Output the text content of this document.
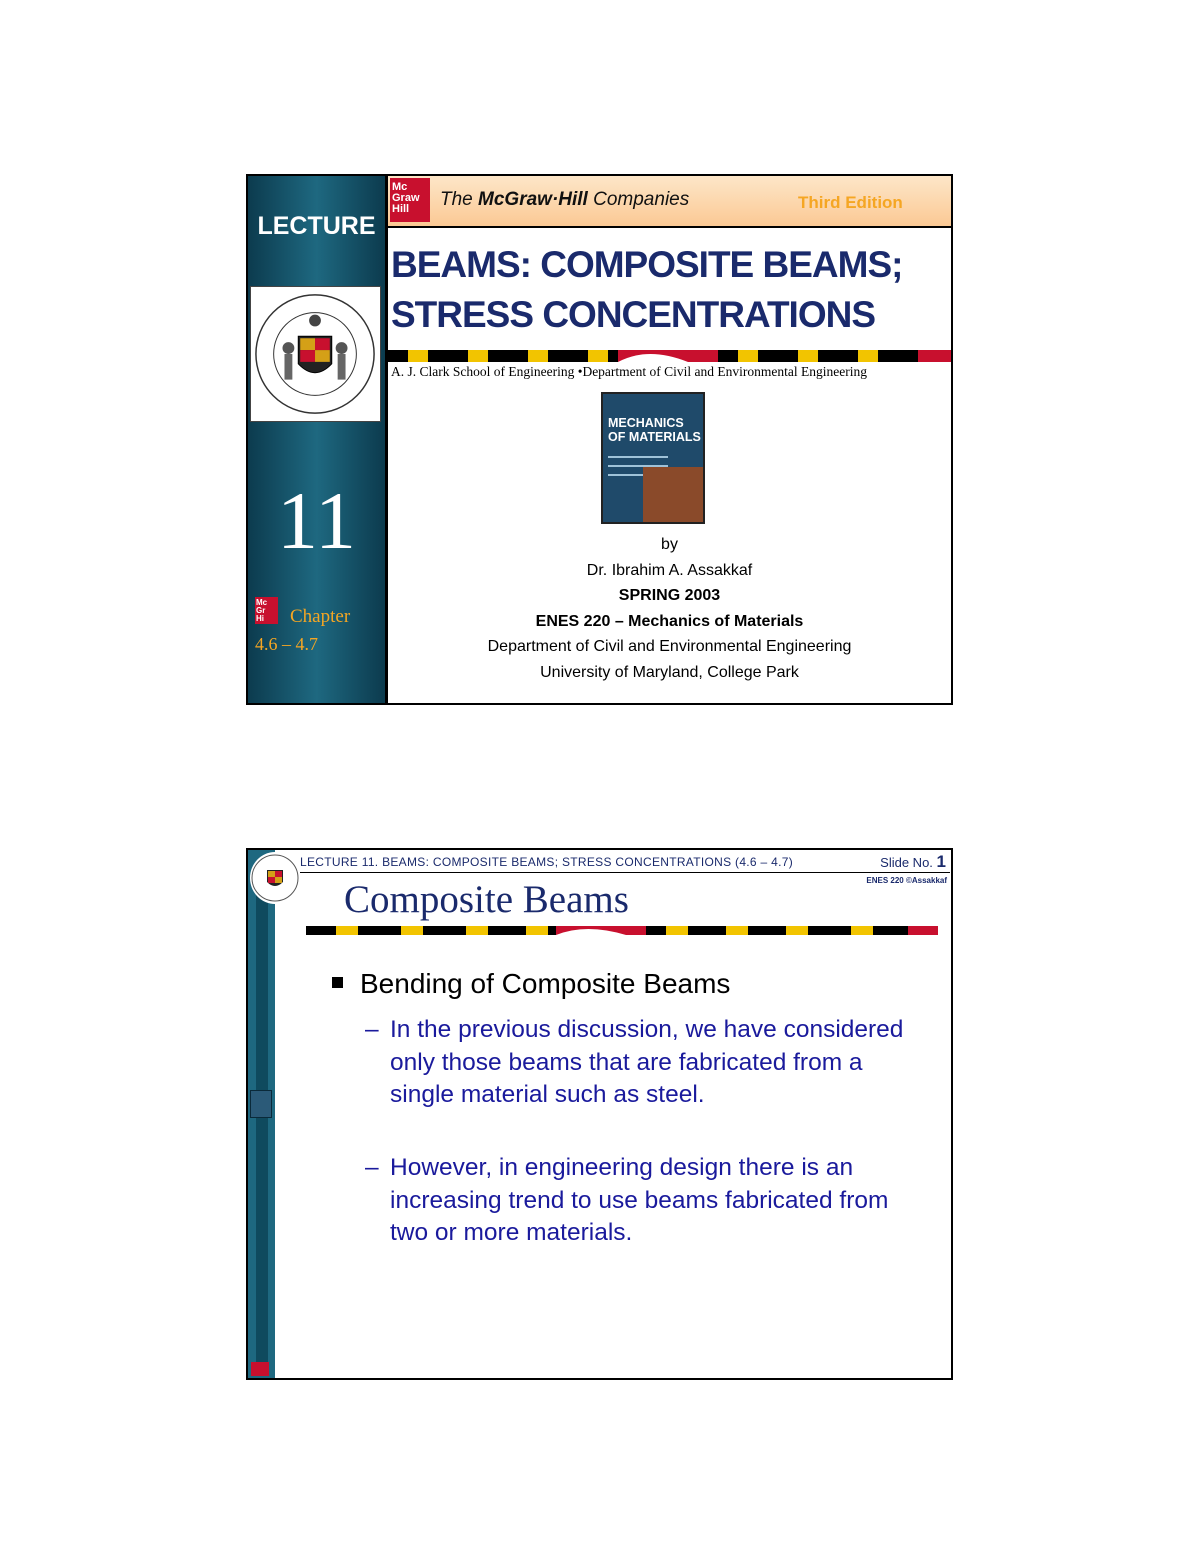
LECTURE
11
Mc
Gr
Hi	Chapter
4.6 – 4.7
Mc Graw Hill	The McGraw·Hill Companies	Third Edition
BEAMS: COMPOSITE BEAMS;
STRESS CONCENTRATIONS
A. J. Clark School of Engineering •Department of Civil and Environmental Engineering
MECHANICS OF MATERIALS
by
Dr. Ibrahim A. Assakkaf
SPRING 2003
ENES 220 – Mechanics of Materials
Department of Civil and Environmental Engineering
University of Maryland, College Park
LECTURE 11. BEAMS: COMPOSITE BEAMS; STRESS CONCENTRATIONS (4.6 – 4.7)	Slide No. 1
ENES 220 ©Assakkaf
Composite Beams
Bending of Composite Beams
– In the previous discussion, we have considered only those beams that are fabricated from a single material such as steel.
– However, in engineering design there is an increasing trend to use beams fabricated from two or more materials.
